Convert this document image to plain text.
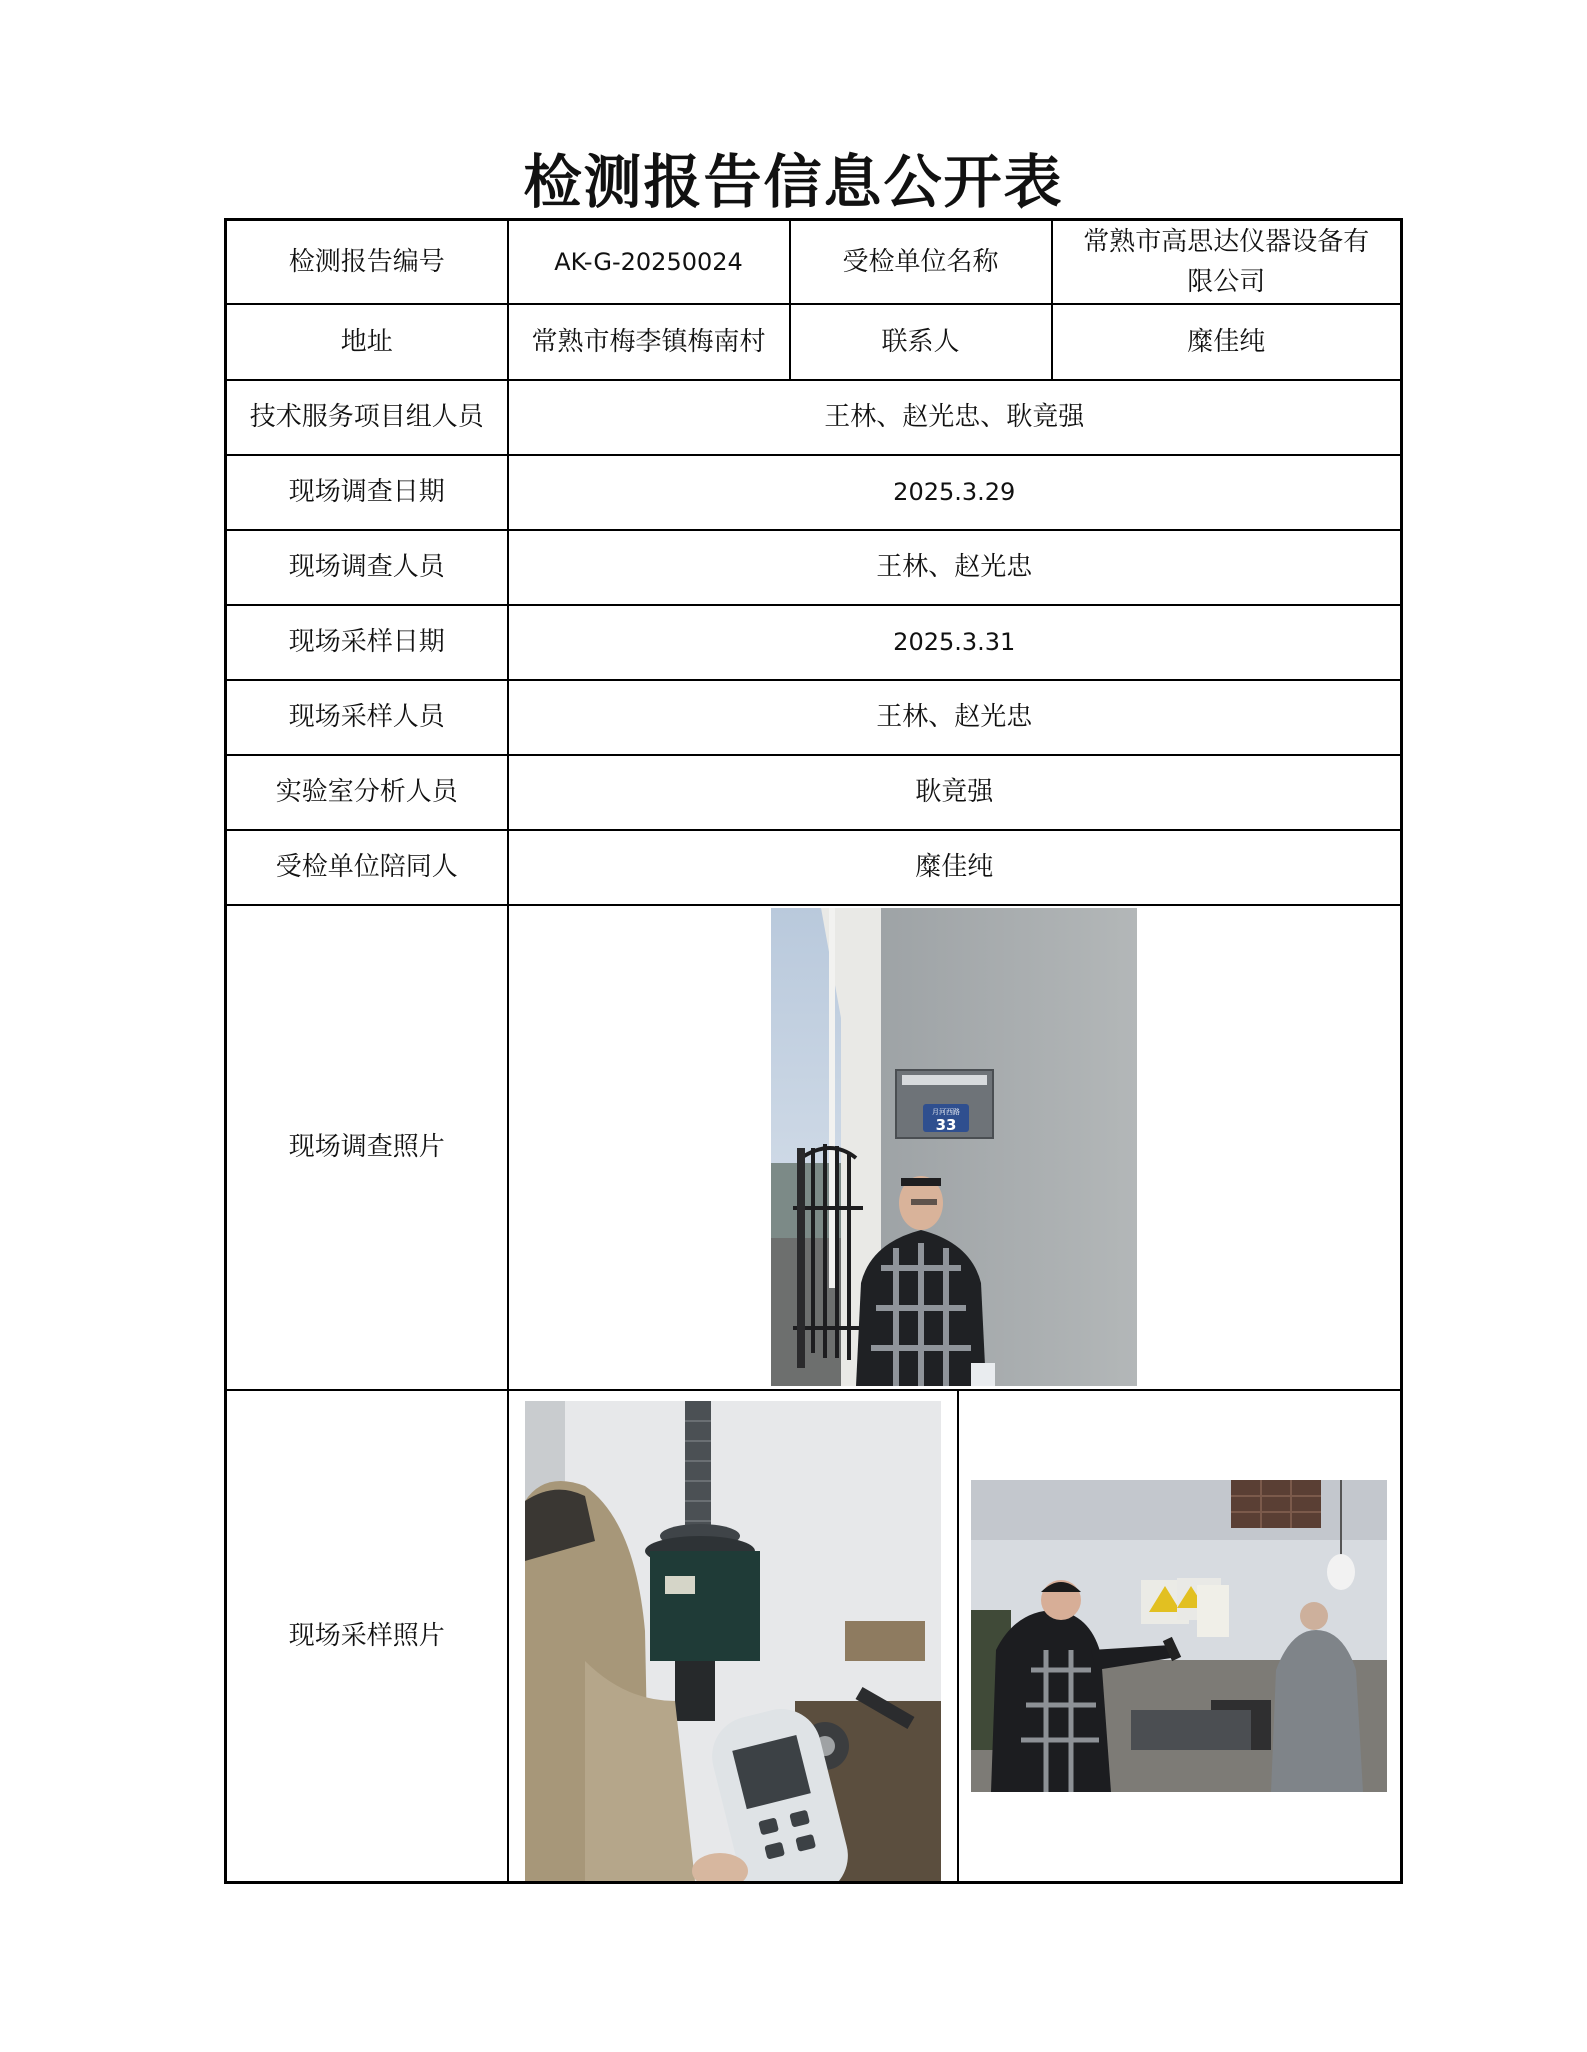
检测报告信息公开表
检测报告编号	AK-G-20250024	受检单位名称	常熟市高思达仪器设备有限公司
地址	常熟市梅李镇梅南村	联系人	糜佳纯
技术服务项目组人员	王林、赵光忠、耿竟强
现场调查日期	2025.3.29
现场调查人员	王林、赵光忠
现场采样日期	2025.3.31
现场采样人员	王林、赵光忠
实验室分析人员	耿竟强
受检单位陪同人	糜佳纯
现场调查照片	
月河西路
33

现场采样照片	
